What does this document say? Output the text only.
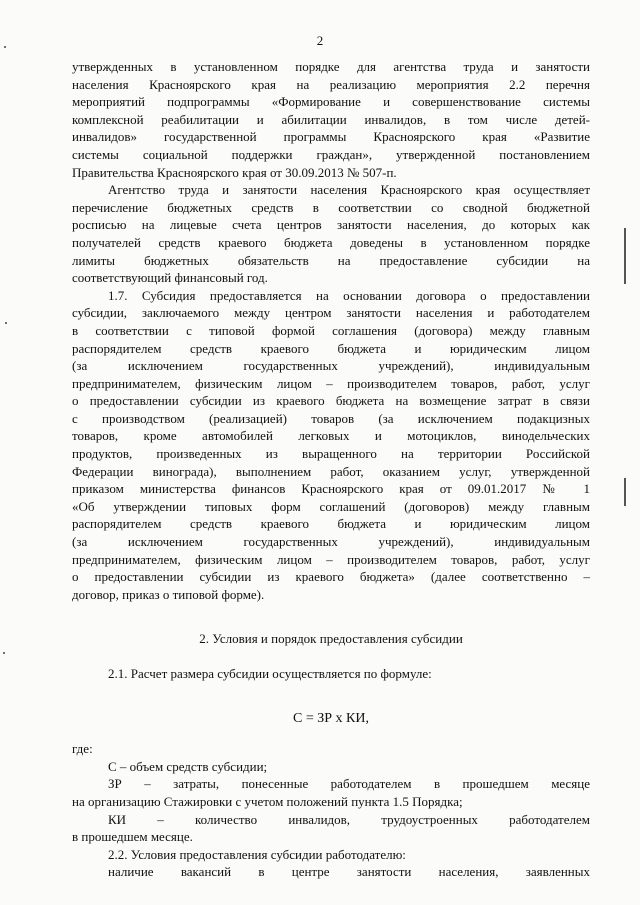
2
утвержденных в установленном порядке для агентства труда и занятости
населения Красноярского края на реализацию мероприятия 2.2 перечня
мероприятий подпрограммы «Формирование и совершенствование системы
комплексной реабилитации и абилитации инвалидов, в том числе детей-
инвалидов» государственной программы Красноярского края «Развитие
системы социальной поддержки граждан», утвержденной постановлением
Правительства Красноярского края от 30.09.2013 № 507-п.
Агентство труда и занятости населения Красноярского края осуществляет
перечисление бюджетных средств в соответствии со сводной бюджетной
росписью на лицевые счета центров занятости населения, до которых как
получателей средств краевого бюджета доведены в установленном порядке
лимиты бюджетных обязательств на предоставление субсидии на
соответствующий финансовый год.
1.7. Субсидия предоставляется на основании договора о предоставлении
субсидии, заключаемого между центром занятости населения и работодателем
в соответствии с типовой формой соглашения (договора) между главным
распорядителем средств краевого бюджета и юридическим лицом
(за исключением государственных учреждений), индивидуальным
предпринимателем, физическим лицом – производителем товаров, работ, услуг
о предоставлении субсидии из краевого бюджета на возмещение затрат в связи
с производством (реализацией) товаров (за исключением подакцизных
товаров, кроме автомобилей легковых и мотоциклов, винодельческих
продуктов, произведенных из выращенного на территории Российской
Федерации винограда), выполнением работ, оказанием услуг, утвержденной
приказом министерства финансов Красноярского края от 09.01.2017 № 1
«Об утверждении типовых форм соглашений (договоров) между главным
распорядителем средств краевого бюджета и юридическим лицом
(за исключением государственных учреждений), индивидуальным
предпринимателем, физическим лицом – производителем товаров, работ, услуг
о предоставлении субсидии из краевого бюджета» (далее соответственно –
договор, приказ о типовой форме).
2. Условия и порядок предоставления субсидии
2.1. Расчет размера субсидии осуществляется по формуле:
С = ЗР х КИ,
где:
С – объем средств субсидии;
ЗР – затраты, понесенные работодателем в прошедшем месяце
на организацию Стажировки с учетом положений пункта 1.5 Порядка;
КИ – количество инвалидов, трудоустроенных работодателем
в прошедшем месяце.
2.2. Условия предоставления субсидии работодателю:
наличие вакансий в центре занятости населения, заявленных
